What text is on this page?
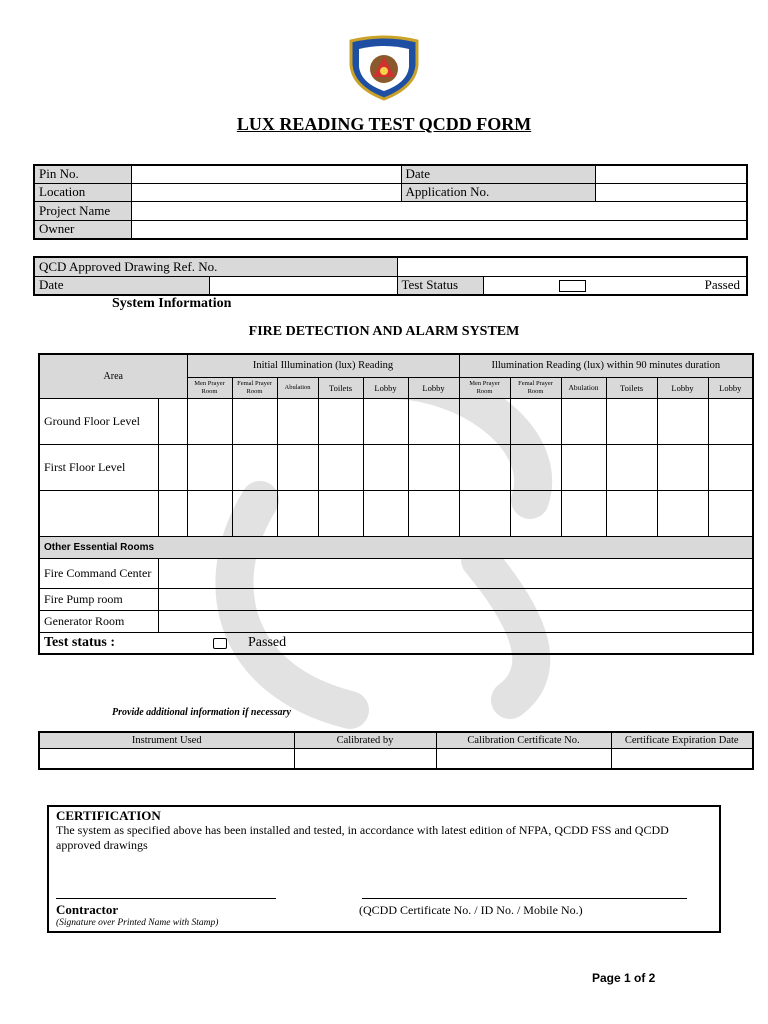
LUX READING TEST QCDD FORM
Pin No.		Date	
Location		Application No.	
Project Name			
Owner			
QCD Approved Drawing Ref. No.			
Date		Test Status	Passed
System Information
FIRE DETECTION AND ALARM SYSTEM
Area		Initial Illumination (lux) Reading						Illumination Reading (lux) within 90 minutes duration					
		Men Prayer Room	Femal Prayer Room	Abulation	Toilets	Lobby	Lobby	Men Prayer Room	Femal Prayer Room	Abulation	Toilets	Lobby	Lobby
Ground Floor Level													
First Floor Level													

Other Essential Rooms													
Fire Command Center													
Fire Pump room													
Generator Room													

Test status : Passed													
Provide additional information if necessary
Instrument Used	Calibrated by	Calibration Certificate No.	Certificate Expiration Date

CERTIFICATION
The system as specified above has been installed and tested, in accordance with latest edition of NFPA, QCDD FSS and QCDD approved drawings
Contractor
(Signature over Printed Name with Stamp)
(QCDD Certificate No. / ID No. / Mobile No.)
Page 1 of 2
